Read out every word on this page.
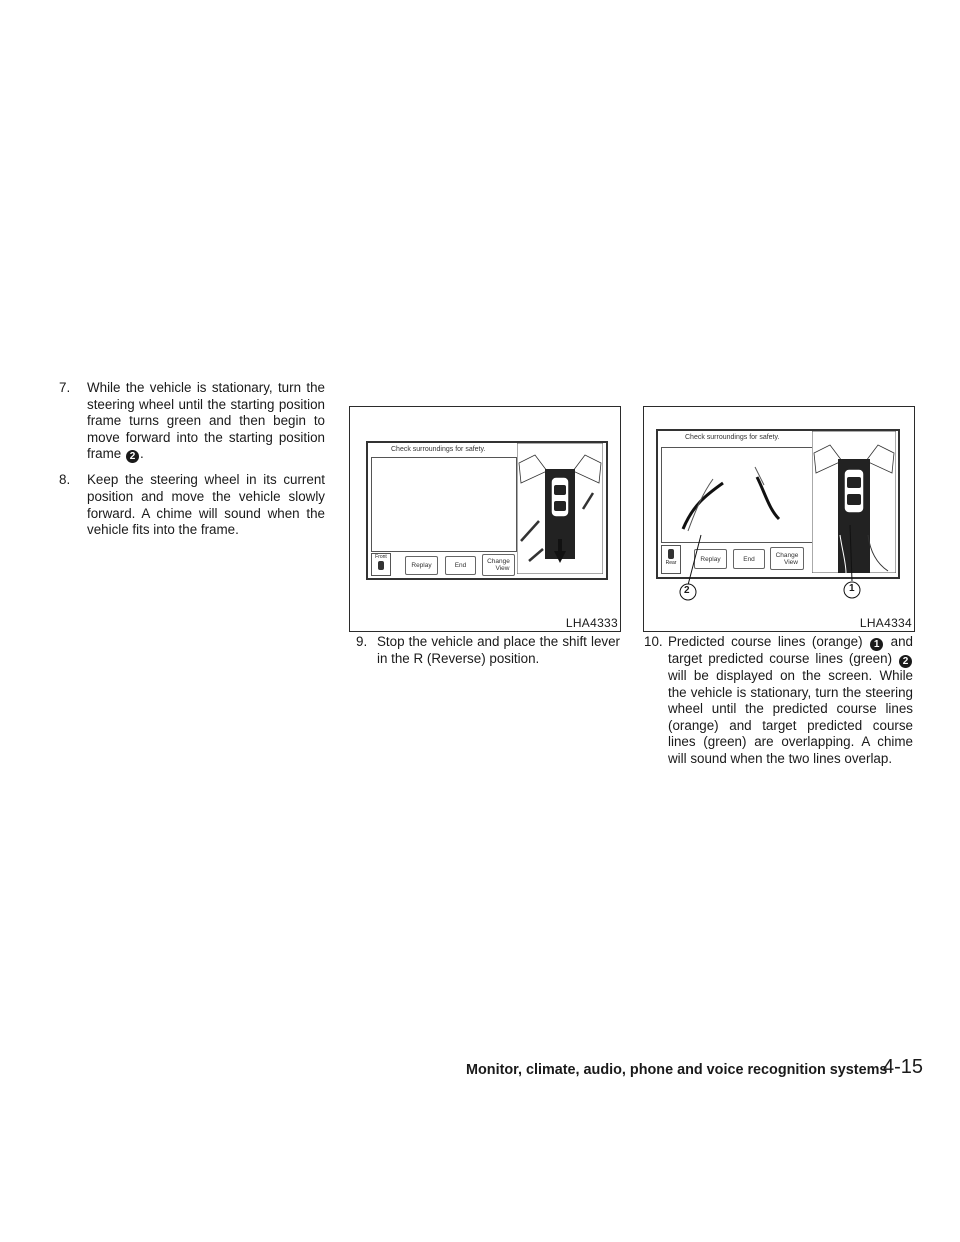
7. While the vehicle is stationary, turn the steering wheel until the starting position frame turns green and then begin to move forward into the starting position frame 2 .

8. Keep the steering wheel in its current position and move the vehicle slowly forward. A chime will sound when the vehicle fits into the frame.

Check surroundings for safety.
Front
Replay	End
Change
View
LHA4333
Check surroundings for safety.
Rear
Replay	End
Change
View
2	1
LHA4334

9. Stop the vehicle and place the shift lever in the R (Reverse) position.

10. Predicted course lines (orange) 1 and target predicted course lines (green) 2 will be displayed on the screen. While the vehicle is stationary, turn the steering wheel until the predicted course lines (orange) and target predicted course lines (green) are overlapping. A chime will sound when the two lines overlap.

Monitor, climate, audio, phone and voice recognition systems
4-15
